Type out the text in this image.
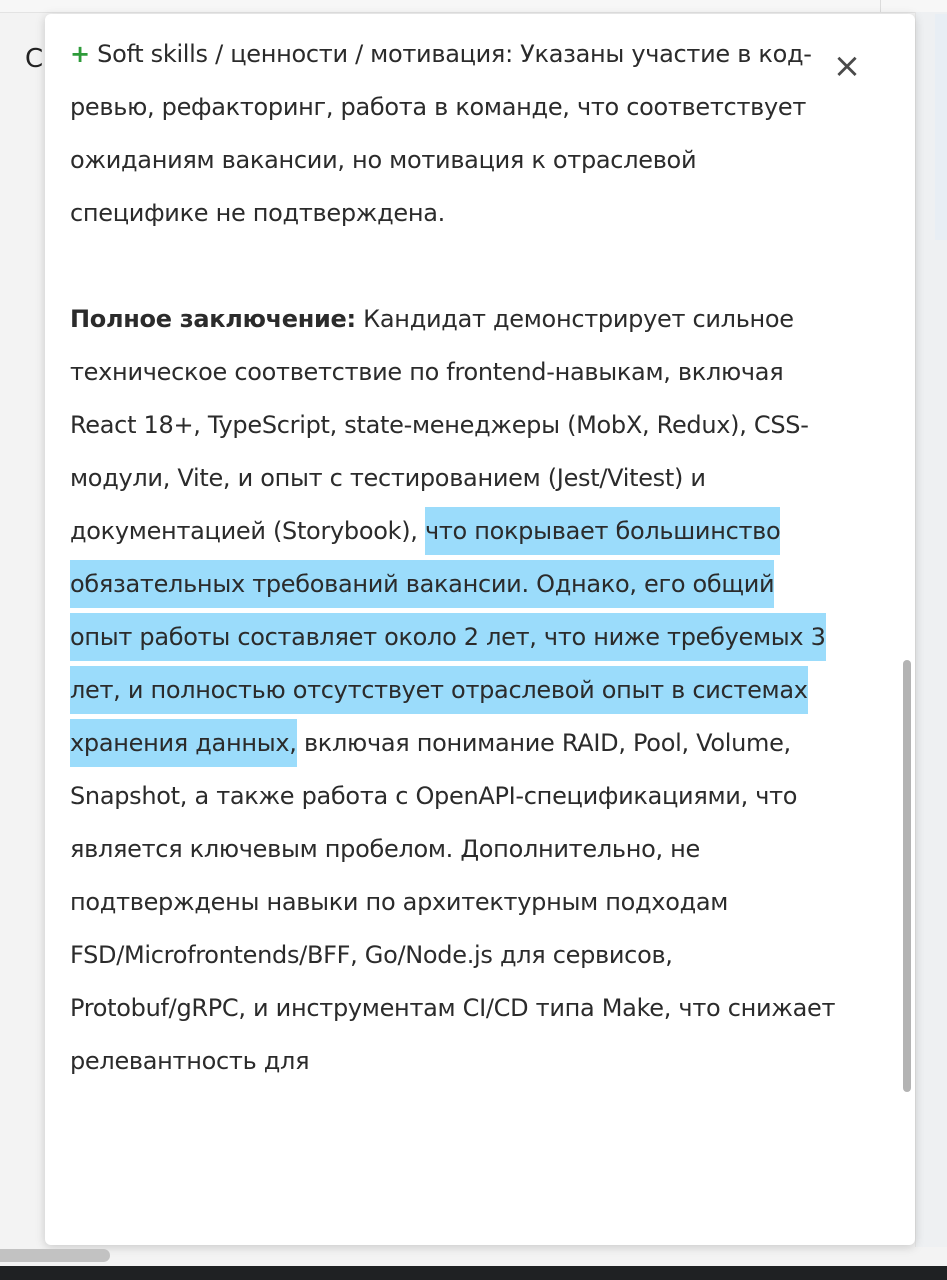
С	×

+ Soft skills / ценности / мотивация: Указаны участие в код-ревью, рефакторинг, работа в команде, что соответствует ожиданиям вакансии, но мотивация к отраслевой специфике не подтверждена.

Полное заключение: Кандидат демонстрирует сильное техническое соответствие по frontend-навыкам, включая React 18+, TypeScript, state-менеджеры (MobX, Redux), CSS-модули, Vite, и опыт с тестированием (Jest/Vitest) и документацией (Storybook), что покрывает большинство обязательных требований вакансии. Однако, его общий опыт работы составляет около 2 лет, что ниже требуемых 3 лет, и полностью отсутствует отраслевой опыт в системах хранения данных, включая понимание RAID, Pool, Volume, Snapshot, а также работа с OpenAPI-спецификациями, что является ключевым пробелом. Дополнительно, не подтверждены навыки по архитектурным подходам FSD/Microfrontends/BFF, Go/Node.js для сервисов, Protobuf/gRPC, и инструментам CI/CD типа Make, что снижает релевантность для
